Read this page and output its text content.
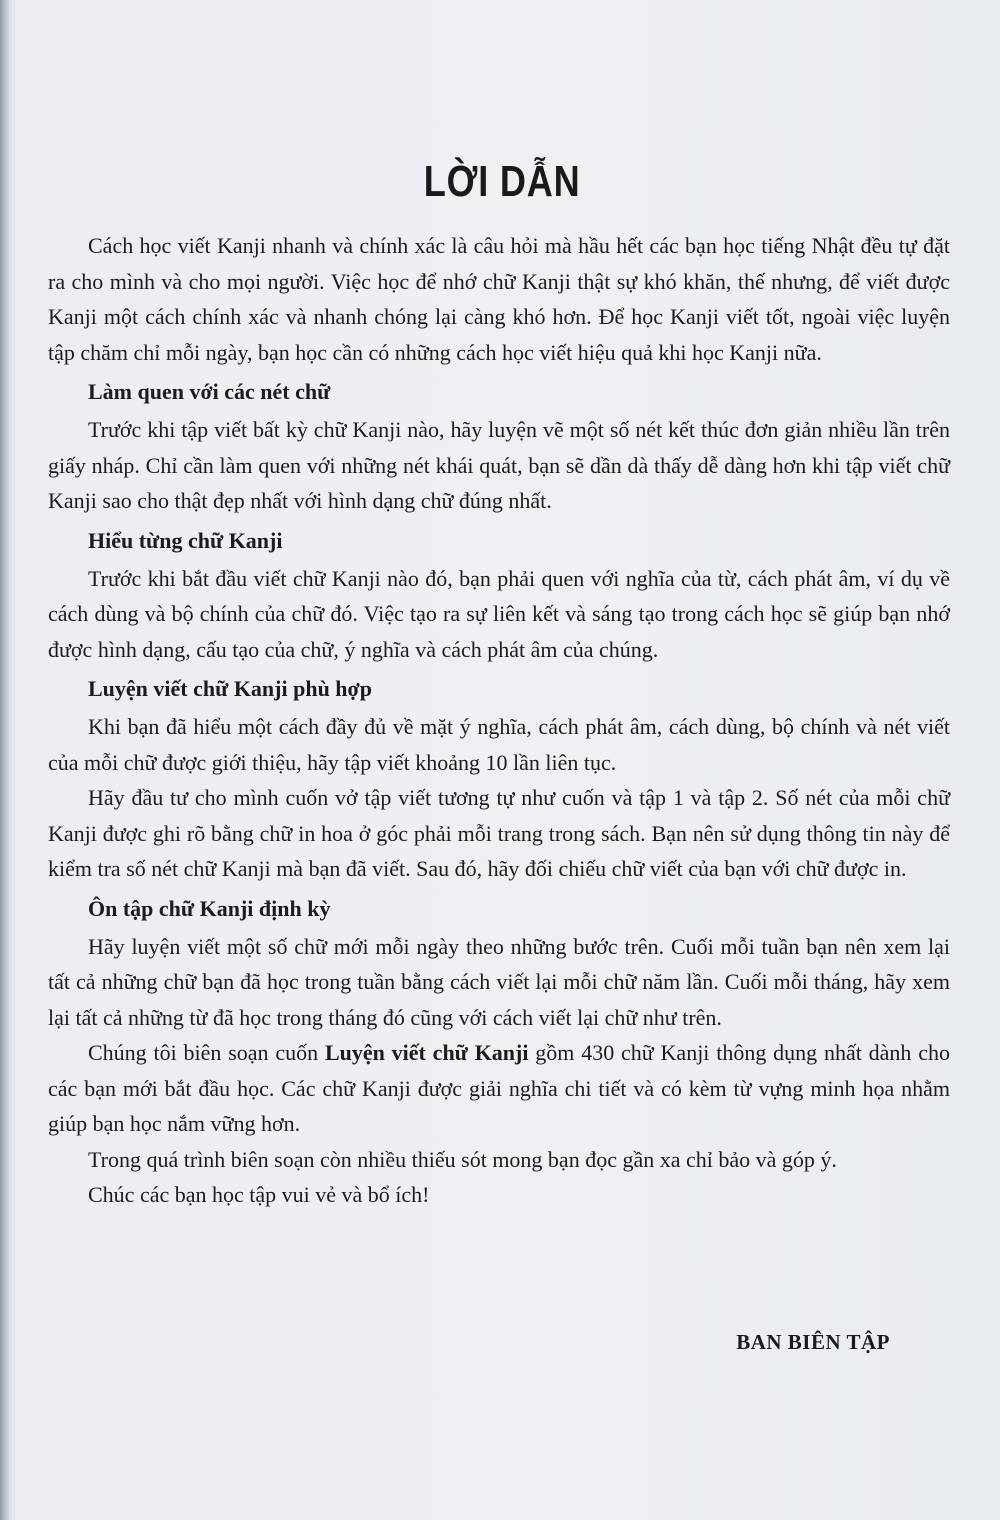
LỜI DẪN

Cách học viết Kanji nhanh và chính xác là câu hỏi mà hầu hết các bạn học tiếng Nhật đều tự đặt ra cho mình và cho mọi người. Việc học để nhớ chữ Kanji thật sự khó khăn, thế nhưng, để viết được Kanji một cách chính xác và nhanh chóng lại càng khó hơn. Để học Kanji viết tốt, ngoài việc luyện tập chăm chỉ mỗi ngày, bạn học cần có những cách học viết hiệu quả khi học Kanji nữa.

Làm quen với các nét chữ

Trước khi tập viết bất kỳ chữ Kanji nào, hãy luyện vẽ một số nét kết thúc đơn giản nhiều lần trên giấy nháp. Chỉ cần làm quen với những nét khái quát, bạn sẽ dần dà thấy dễ dàng hơn khi tập viết chữ Kanji sao cho thật đẹp nhất với hình dạng chữ đúng nhất.

Hiểu từng chữ Kanji

Trước khi bắt đầu viết chữ Kanji nào đó, bạn phải quen với nghĩa của từ, cách phát âm, ví dụ về cách dùng và bộ chính của chữ đó. Việc tạo ra sự liên kết và sáng tạo trong cách học sẽ giúp bạn nhớ được hình dạng, cấu tạo của chữ, ý nghĩa và cách phát âm của chúng.

Luyện viết chữ Kanji phù hợp

Khi bạn đã hiểu một cách đầy đủ về mặt ý nghĩa, cách phát âm, cách dùng, bộ chính và nét viết của mỗi chữ được giới thiệu, hãy tập viết khoảng 10 lần liên tục.

Hãy đầu tư cho mình cuốn vở tập viết tương tự như cuốn và tập 1 và tập 2. Số nét của mỗi chữ Kanji được ghi rõ bằng chữ in hoa ở góc phải mỗi trang trong sách. Bạn nên sử dụng thông tin này để kiểm tra số nét chữ Kanji mà bạn đã viết. Sau đó, hãy đối chiếu chữ viết của bạn với chữ được in.

Ôn tập chữ Kanji định kỳ

Hãy luyện viết một số chữ mới mỗi ngày theo những bước trên. Cuối mỗi tuần bạn nên xem lại tất cả những chữ bạn đã học trong tuần bằng cách viết lại mỗi chữ năm lần. Cuối mỗi tháng, hãy xem lại tất cả những từ đã học trong tháng đó cũng với cách viết lại chữ như trên.

Chúng tôi biên soạn cuốn Luyện viết chữ Kanji gồm 430 chữ Kanji thông dụng nhất dành cho các bạn mới bắt đầu học. Các chữ Kanji được giải nghĩa chi tiết và có kèm từ vựng minh họa nhằm giúp bạn học nắm vững hơn.

Trong quá trình biên soạn còn nhiều thiếu sót mong bạn đọc gần xa chỉ bảo và góp ý.

Chúc các bạn học tập vui vẻ và bổ ích!

BAN BIÊN TẬP
